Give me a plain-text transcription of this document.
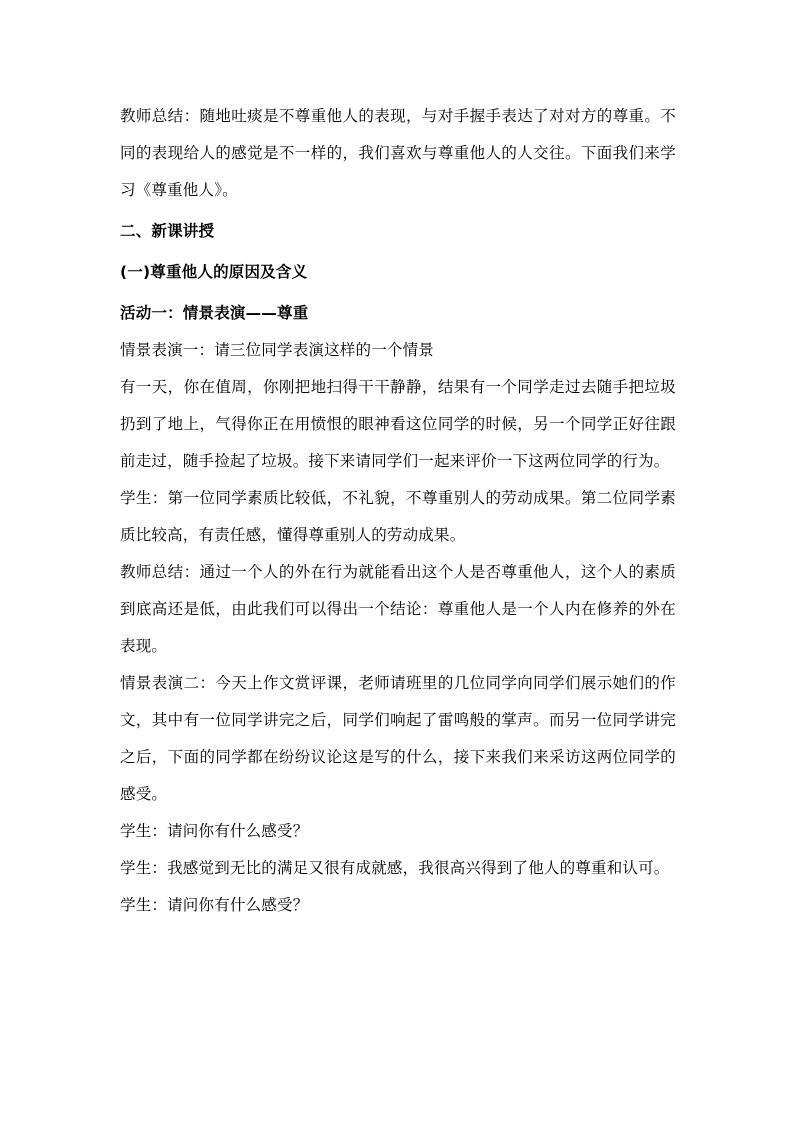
教师总结：随地吐痰是不尊重他人的表现，与对手握手表达了对对方的尊重。不同的表现给人的感觉是不一样的，我们喜欢与尊重他人的人交往。下面我们来学习《尊重他人》。

二、新课讲授

(一)尊重他人的原因及含义

活动一：情景表演——尊重

情景表演一：请三位同学表演这样的一个情景

有一天，你在值周，你刚把地扫得干干静静，结果有一个同学走过去随手把垃圾扔到了地上，气得你正在用愤恨的眼神看这位同学的时候，另一个同学正好往跟前走过，随手捡起了垃圾。接下来请同学们一起来评价一下这两位同学的行为。

学生：第一位同学素质比较低，不礼貌，不尊重别人的劳动成果。第二位同学素质比较高，有责任感，懂得尊重别人的劳动成果。

教师总结：通过一个人的外在行为就能看出这个人是否尊重他人，这个人的素质到底高还是低，由此我们可以得出一个结论：尊重他人是一个人内在修养的外在表现。

情景表演二：今天上作文赏评课，老师请班里的几位同学向同学们展示她们的作文，其中有一位同学讲完之后，同学们响起了雷鸣般的掌声。而另一位同学讲完之后，下面的同学都在纷纷议论这是写的什么，接下来我们来采访这两位同学的感受。

学生：请问你有什么感受？

学生：我感觉到无比的满足又很有成就感，我很高兴得到了他人的尊重和认可。

学生：请问你有什么感受？
